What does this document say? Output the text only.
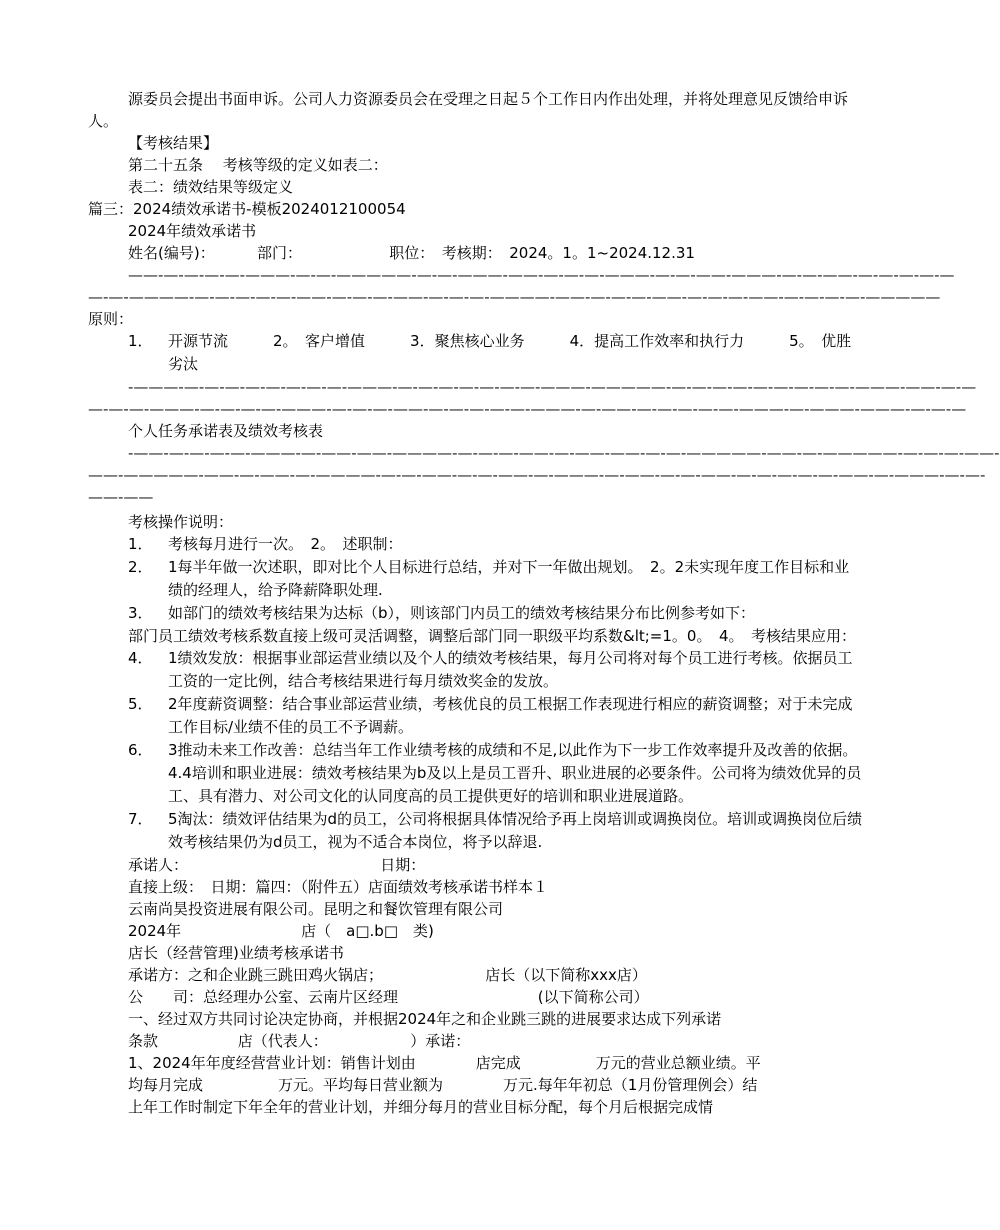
源委员会提出书面申诉。公司人力资源委员会在受理之日起５个工作日内作出处理，并将处理意见反馈给申诉人。

【考核结果】

第二十五条　 考核等级的定义如表二：

表二：绩效结果等级定义

篇三：2024绩效承诺书-模板2024012100054

2024年绩效承诺书

姓名(编号)：　　　 部门：　　　　　　 职位：　考核期：　2024。1。1~2024.12.31

——-—-—-—-—-———-—-—-—————-—-—-———-——-—-—-—-———-—-—-——-———-—-—-——-—-—-—-—-—

—-—-————-—-—-—-—-—-——-—-—-—-——-—-—-—-————-——-—-—-—-——-—-—-—-——-—-—-—-—-—————

原则：

1． 开源节流　　　2。　客户增值　　　3．聚焦核心业务　　　4．提高工作效率和执行力　　　5。　优胜劣汰

-———-—-—-—-—-—-—-—-—-———-—-—-—-—-—-—-—-———-—————-—-—-—-—-—-—-—-—-—-———-——-—-—

—-—-—-———-—-—-—-—-———-—-—-—-——-—-—-—-—-—-———-—-——-—-—-—-—-—-———-—-———-———-—-—-—

个人任务承诺表及绩效考核表

-——-—-—-—-—-———-—-——-——-————-—-—-—-——-—-——-——-—-—-—————-——-—-—————-—-—-—-——-

——-—————-——-—-——-—-————-—-—-——-—-—-——-—-———-—-——-—-—-——-—-—-—-—-—-——-—-———-—-—-

——-——

考核操作说明：

1． 考核每月进行一次。　2。　述职制：
2． 1每半年做一次述职，即对比个人目标进行总结，并对下一年做出规划。　2。2未实现年度工作目标和业绩的经理人，给予降薪降职处理.
3． 如部门的绩效考核结果为达标（b），则该部门内员工的绩效考核结果分布比例参考如下：

部门员工绩效考核系数直接上级可灵活调整，调整后部门同一职级平均系数&lt;=1。0。　4。　考核结果应用：

4． 1绩效发放：根据事业部运营业绩以及个人的绩效考核结果，每月公司将对每个员工进行考核。依据员工工资的一定比例，结合考核结果进行每月绩效奖金的发放。
5． 2年度薪资调整：结合事业部运营业绩，考核优良的员工根据工作表现进行相应的薪资调整；对于未完成工作目标/业绩不佳的员工不予调薪。
6． 3推动未来工作改善：总结当年工作业绩考核的成绩和不足,以此作为下一步工作效率提升及改善的依据。　4.4培训和职业进展：绩效考核结果为b及以上是员工晋升、职业进展的必要条件。公司将为绩效优异的员工、具有潜力、对公司文化的认同度高的员工提供更好的培训和职业进展道路。
7． 5淘汰：绩效评估结果为d的员工，公司将根据具体情况给予再上岗培训或调换岗位。培训或调换岗位后绩效考核结果仍为d员工，视为不适合本岗位，将予以辞退.

承诺人：　　　　　　　　　　　　　 日期：

直接上级：　日期：篇四：（附件五）店面绩效考核承诺书样本１

云南尚昊投资进展有限公司。昆明之和餐饮管理有限公司

2024年　　　　　　　　店（　a□.b□　类)

店长（经营管理)业绩考核承诺书

承诺方：之和企业跳三跳田鸡火锅店；　　　　　　　 店长（以下简称xxx店）

公　　司：总经理办公室、云南片区经理　　　　　　　　　 (以下简称公司）

一、经过双方共同讨论决定协商，并根据2024年之和企业跳三跳的进展要求达成下列承诺

条款　　　　　 店（代表人：　　　　　　）承诺：

1、2024年年度经营营业计划：销售计划由　　　　店完成　　　　　万元的营业总额业绩。平

均每月完成　　　　　万元。平均每日营业额为　　　　万元.每年年初总（1月份管理例会）结

上年工作时制定下年全年的营业计划，并细分每月的营业目标分配，每个月后根据完成情
